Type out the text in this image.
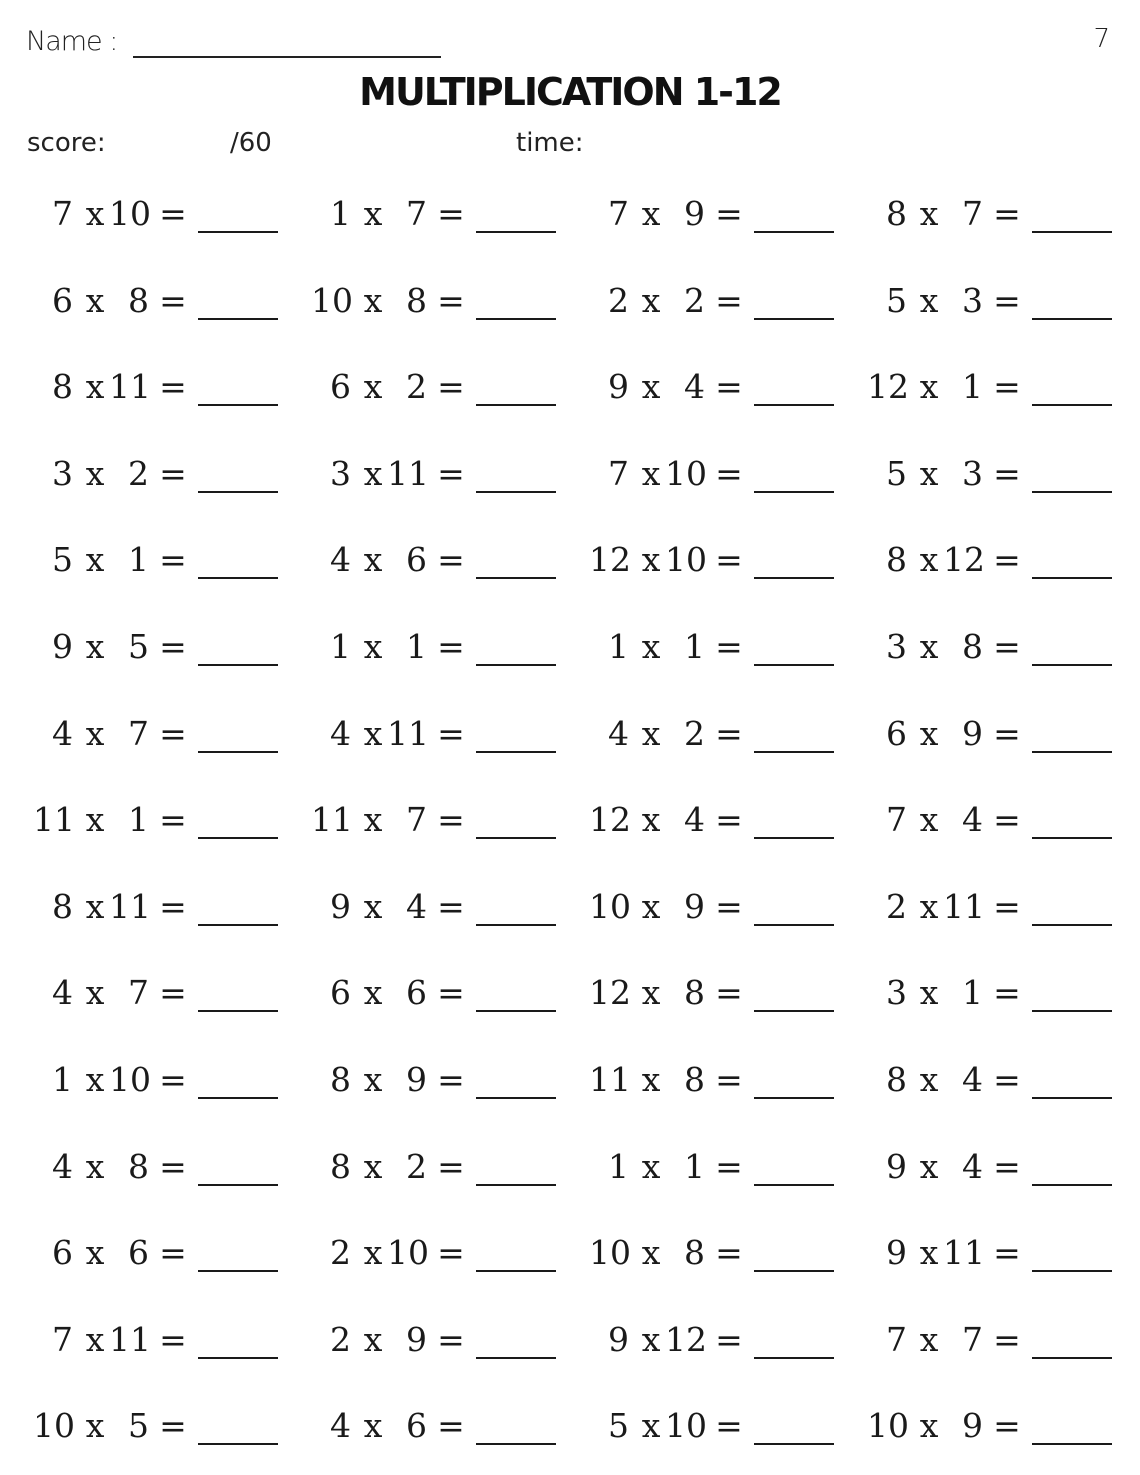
Name :	7
MULTIPLICATION 1-12
score:	/60	time:
7 x 10 =	1 x 7 =	7 x 9 =	8 x 7 =
6 x 8 =	10 x 8 =	2 x 2 =	5 x 3 =
8 x 11 =	6 x 2 =	9 x 4 =	12 x 1 =
3 x 2 =	3 x 11 =	7 x 10 =	5 x 3 =
5 x 1 =	4 x 6 =	12 x 10 =	8 x 12 =
9 x 5 =	1 x 1 =	1 x 1 =	3 x 8 =
4 x 7 =	4 x 11 =	4 x 2 =	6 x 9 =
11 x 1 =	11 x 7 =	12 x 4 =	7 x 4 =
8 x 11 =	9 x 4 =	10 x 9 =	2 x 11 =
4 x 7 =	6 x 6 =	12 x 8 =	3 x 1 =
1 x 10 =	8 x 9 =	11 x 8 =	8 x 4 =
4 x 8 =	8 x 2 =	1 x 1 =	9 x 4 =
6 x 6 =	2 x 10 =	10 x 8 =	9 x 11 =
7 x 11 =	2 x 9 =	9 x 12 =	7 x 7 =
10 x 5 =	4 x 6 =	5 x 10 =	10 x 9 =
